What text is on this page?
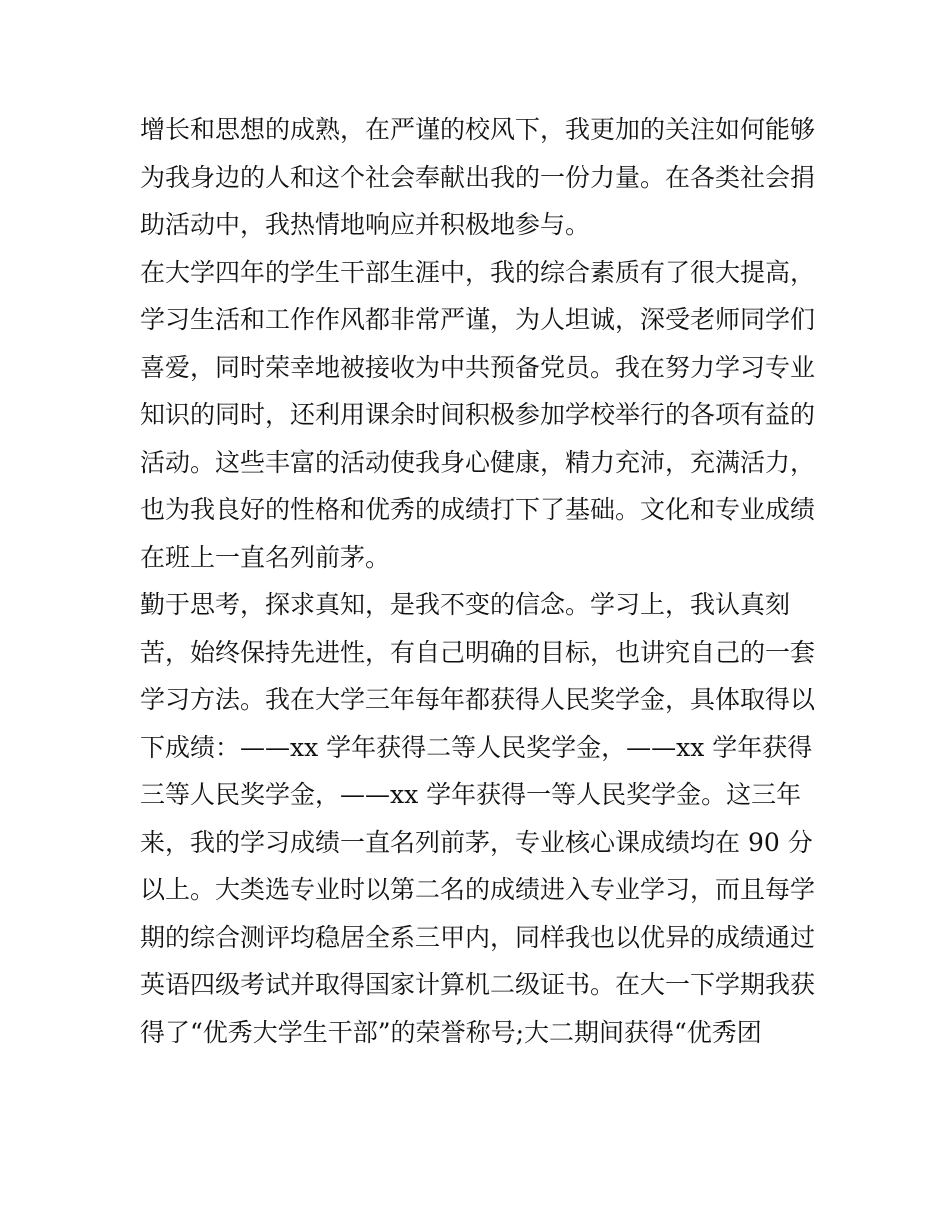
增长和思想的成熟，在严谨的校风下，我更加的关注如何能够
为我身边的人和这个社会奉献出我的一份力量。在各类社会捐
助活动中，我热情地响应并积极地参与。
在大学四年的学生干部生涯中，我的综合素质有了很大提高，
学习生活和工作作风都非常严谨，为人坦诚，深受老师同学们
喜爱，同时荣幸地被接收为中共预备党员。我在努力学习专业
知识的同时，还利用课余时间积极参加学校举行的各项有益的
活动。这些丰富的活动使我身心健康，精力充沛，充满活力，
也为我良好的性格和优秀的成绩打下了基础。文化和专业成绩
在班上一直名列前茅。
勤于思考，探求真知，是我不变的信念。学习上，我认真刻
苦，始终保持先进性，有自己明确的目标，也讲究自己的一套
学习方法。我在大学三年每年都获得人民奖学金，具体取得以
下成绩：——xx 学年获得二等人民奖学金，——xx 学年获得
三等人民奖学金，——xx 学年获得一等人民奖学金。这三年
来，我的学习成绩一直名列前茅，专业核心课成绩均在 90 分
以上。大类选专业时以第二名的成绩进入专业学习，而且每学
期的综合测评均稳居全系三甲内，同样我也以优异的成绩通过
英语四级考试并取得国家计算机二级证书。在大一下学期我获
得了“优秀大学生干部”的荣誉称号;大二期间获得“优秀团
